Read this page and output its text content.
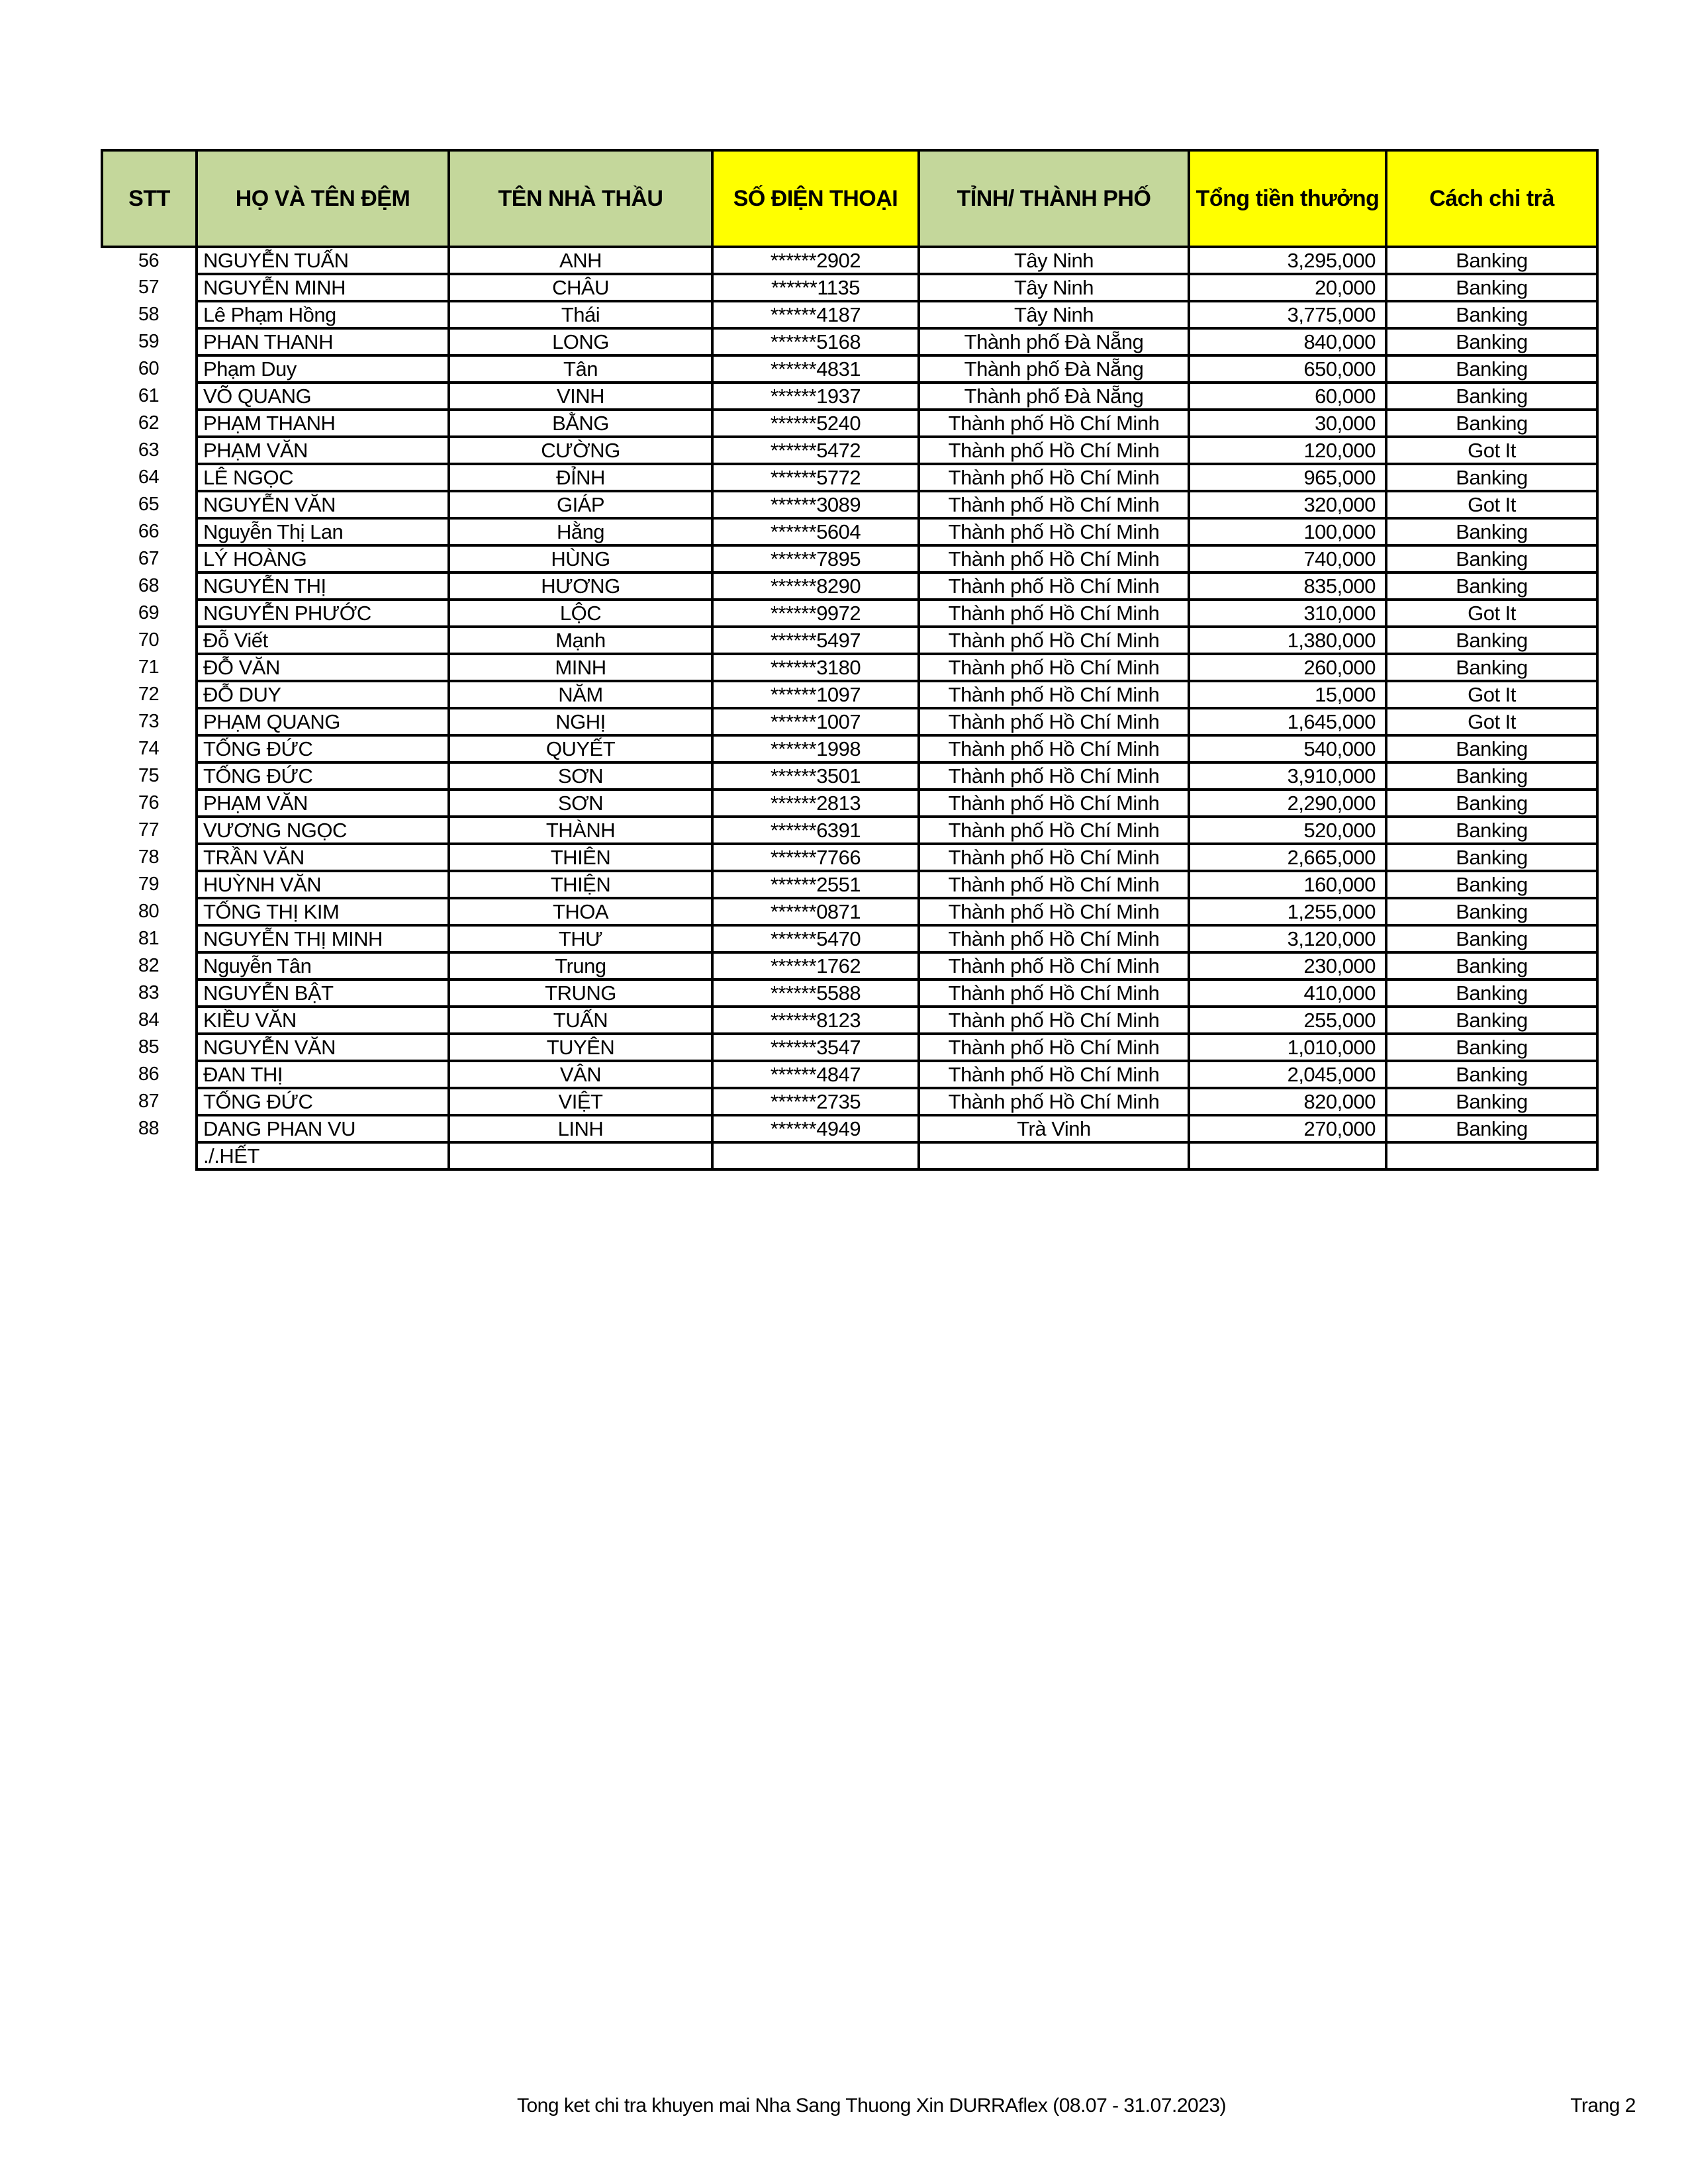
STT	HỌ VÀ TÊN ĐỆM	TÊN NHÀ THẦU	SỐ ĐIỆN THOẠI	TỈNH/ THÀNH PHỐ	Tổng tiền thưởng	Cách chi trả
56	NGUYỄN TUẤN	ANH	******2902	Tây Ninh	3,295,000	Banking
57	NGUYỄN MINH	CHÂU	******1135	Tây Ninh	20,000	Banking
58	Lê Phạm Hồng	Thái	******4187	Tây Ninh	3,775,000	Banking
59	PHAN THANH	LONG	******5168	Thành phố Đà Nẵng	840,000	Banking
60	Phạm Duy	Tân	******4831	Thành phố Đà Nẵng	650,000	Banking
61	VÕ QUANG	VINH	******1937	Thành phố Đà Nẵng	60,000	Banking
62	PHẠM THANH	BẰNG	******5240	Thành phố Hồ Chí Minh	30,000	Banking
63	PHẠM VĂN	CƯỜNG	******5472	Thành phố Hồ Chí Minh	120,000	Got It
64	LÊ NGỌC	ĐỈNH	******5772	Thành phố Hồ Chí Minh	965,000	Banking
65	NGUYỄN VĂN	GIÁP	******3089	Thành phố Hồ Chí Minh	320,000	Got It
66	Nguyễn Thị Lan	Hằng	******5604	Thành phố Hồ Chí Minh	100,000	Banking
67	LÝ HOÀNG	HÙNG	******7895	Thành phố Hồ Chí Minh	740,000	Banking
68	NGUYỄN THỊ	HƯƠNG	******8290	Thành phố Hồ Chí Minh	835,000	Banking
69	NGUYỄN PHƯỚC	LỘC	******9972	Thành phố Hồ Chí Minh	310,000	Got It
70	Đỗ Viết	Mạnh	******5497	Thành phố Hồ Chí Minh	1,380,000	Banking
71	ĐỖ VĂN	MINH	******3180	Thành phố Hồ Chí Minh	260,000	Banking
72	ĐỖ DUY	NĂM	******1097	Thành phố Hồ Chí Minh	15,000	Got It
73	PHẠM QUANG	NGHỊ	******1007	Thành phố Hồ Chí Minh	1,645,000	Got It
74	TỐNG ĐỨC	QUYẾT	******1998	Thành phố Hồ Chí Minh	540,000	Banking
75	TỐNG ĐỨC	SƠN	******3501	Thành phố Hồ Chí Minh	3,910,000	Banking
76	PHẠM VĂN	SƠN	******2813	Thành phố Hồ Chí Minh	2,290,000	Banking
77	VƯƠNG NGỌC	THÀNH	******6391	Thành phố Hồ Chí Minh	520,000	Banking
78	TRẦN VĂN	THIÊN	******7766	Thành phố Hồ Chí Minh	2,665,000	Banking
79	HUỲNH VĂN	THIỆN	******2551	Thành phố Hồ Chí Minh	160,000	Banking
80	TỐNG THỊ KIM	THOA	******0871	Thành phố Hồ Chí Minh	1,255,000	Banking
81	NGUYỄN THỊ MINH	THƯ	******5470	Thành phố Hồ Chí Minh	3,120,000	Banking
82	Nguyễn Tân	Trung	******1762	Thành phố Hồ Chí Minh	230,000	Banking
83	NGUYỄN BẬT	TRUNG	******5588	Thành phố Hồ Chí Minh	410,000	Banking
84	KIỀU VĂN	TUẤN	******8123	Thành phố Hồ Chí Minh	255,000	Banking
85	NGUYỄN VĂN	TUYÊN	******3547	Thành phố Hồ Chí Minh	1,010,000	Banking
86	ĐAN THỊ	VÂN	******4847	Thành phố Hồ Chí Minh	2,045,000	Banking
87	TỐNG ĐỨC	VIỆT	******2735	Thành phố Hồ Chí Minh	820,000	Banking
88	DANG PHAN VU	LINH	******4949	Trà Vinh	270,000	Banking
	./.HẾT					
Tong ket chi tra khuyen mai Nha Sang Thuong Xin DURRAflex (08.07 - 31.07.2023)	Trang 2
